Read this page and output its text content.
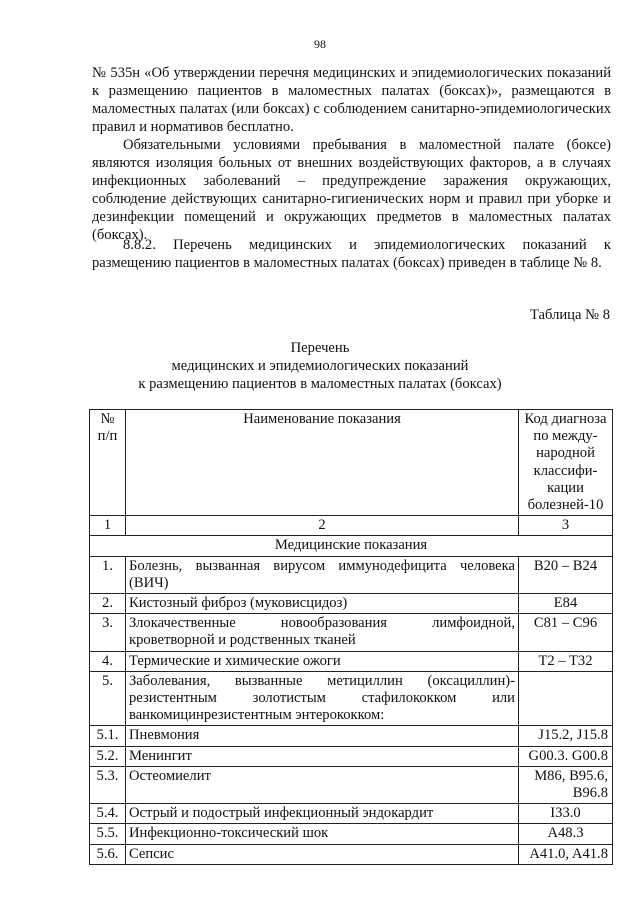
98

№ 535н «Об утверждении перечня медицинских и эпидемиологических показаний к размещению пациентов в маломестных палатах (боксах)», размещаются в маломестных палатах (или боксах) с соблюдением санитарно-эпидемиологических правил и нормативов бесплатно.

Обязательными условиями пребывания в маломестной палате (боксе) являются изоляция больных от внешних воздействующих факторов, а в случаях инфекционных заболеваний – предупреждение заражения окружающих, соблюдение действующих санитарно-гигиенических норм и правил при уборке и дезинфекции помещений и окружающих предметов в маломестных палатах (боксах).

8.8.2. Перечень медицинских и эпидемиологических показаний к размещению пациентов в маломестных палатах (боксах) приведен в таблице № 8.

Таблица № 8
Перечень
медицинских и эпидемиологических показаний
к размещению пациентов в маломестных палатах (боксах)
№ п/п	Наименование показания	Код диагноза по между-народной классифи-кации болезней-10
1	2	3
Медицинские показания		
1.	Болезнь, вызванная вирусом иммунодефицита человека (ВИЧ)	B20 – B24
2.	Кистозный фиброз (муковисцидоз)	E84
3.	Злокачественные новообразования лимфоидной, кроветворной и родственных тканей	C81 – C96
4.	Термические и химические ожоги	T2 – T32
5.	Заболевания, вызванные метициллин (оксациллин)-резистентным золотистым стафилококком или ванкомицинрезистентным энтерококком:	
5.1.	Пневмония	J15.2, J15.8
5.2.	Менингит	G00.3. G00.8
5.3.	Остеомиелит	M86, B95.6, B96.8
5.4.	Острый и подострый инфекционный эндокардит	I33.0
5.5.	Инфекционно-токсический шок	A48.3
5.6.	Сепсис	A41.0, A41.8
